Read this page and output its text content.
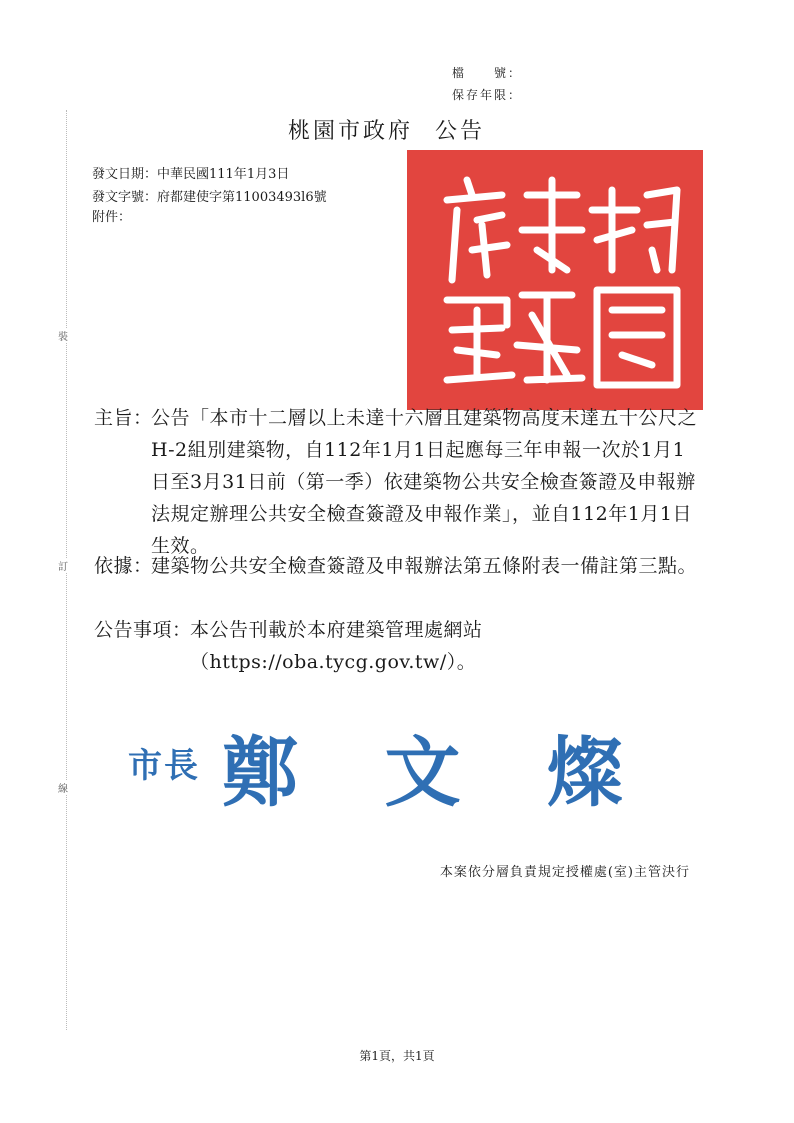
檔　　號：
保存年限：
桃園市政府 公告
發文日期：中華民國111年1月3日
發文字號：府都建使字第11003493l6號
附件：
裝
訂
線
主旨：
公告「本市十二層以上未達十六層且建築物高度未達五十公尺之H-2組別建築物，自112年1月1日起應每三年申報一次於1月1日至3月31日前（第一季）依建築物公共安全檢查簽證及申報辦法規定辦理公共安全檢查簽證及申報作業」，並自112年1月1日生效。
依據：
建築物公共安全檢查簽證及申報辦法第五條附表一備註第三點。
公告事項：
本公告刊載於本府建築管理處網站（https://oba.tycg.gov.tw/）。
市長 鄭 文 燦
本案依分層負責規定授權處(室)主管決行
第1頁，共1頁
